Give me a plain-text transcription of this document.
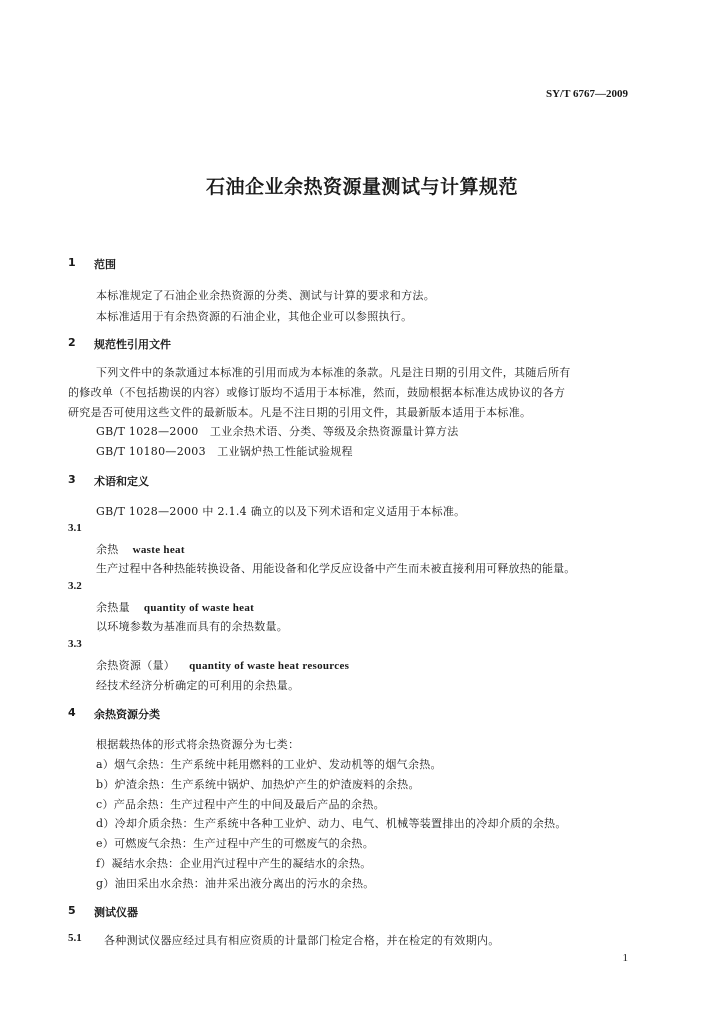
SY/T 6767—2009
石油企业余热资源量测试与计算规范
1 范围
本标准规定了石油企业余热资源的分类、测试与计算的要求和方法。
本标准适用于有余热资源的石油企业，其他企业可以参照执行。
2 规范性引用文件
下列文件中的条款通过本标准的引用而成为本标准的条款。凡是注日期的引用文件，其随后所有
的修改单（不包括勘误的内容）或修订版均不适用于本标准，然而，鼓励根据本标准达成协议的各方
研究是否可使用这些文件的最新版本。凡是不注日期的引用文件，其最新版本适用于本标准。
GB/T 1028—2000　工业余热术语、分类、等级及余热资源量计算方法
GB/T 10180—2003　工业锅炉热工性能试验规程
3 术语和定义
GB/T 1028—2000 中 2.1.4 确立的以及下列术语和定义适用于本标准。
3.1
余热 waste heat
生产过程中各种热能转换设备、用能设备和化学反应设备中产生而未被直接利用可释放热的能量。
3.2
余热量 quantity of waste heat
以环境参数为基准而具有的余热数量。
3.3
余热资源（量） quantity of waste heat resources
经技术经济分析确定的可利用的余热量。
4 余热资源分类
根据载热体的形式将余热资源分为七类：
a）烟气余热：生产系统中耗用燃料的工业炉、发动机等的烟气余热。
b）炉渣余热：生产系统中锅炉、加热炉产生的炉渣废料的余热。
c）产品余热：生产过程中产生的中间及最后产品的余热。
d）冷却介质余热：生产系统中各种工业炉、动力、电气、机械等装置排出的冷却介质的余热。
e）可燃废气余热：生产过程中产生的可燃废气的余热。
f）凝结水余热：企业用汽过程中产生的凝结水的余热。
g）油田采出水余热：油井采出液分离出的污水的余热。
5 测试仪器
5.1 各种测试仪器应经过具有相应资质的计量部门检定合格，并在检定的有效期内。
1
